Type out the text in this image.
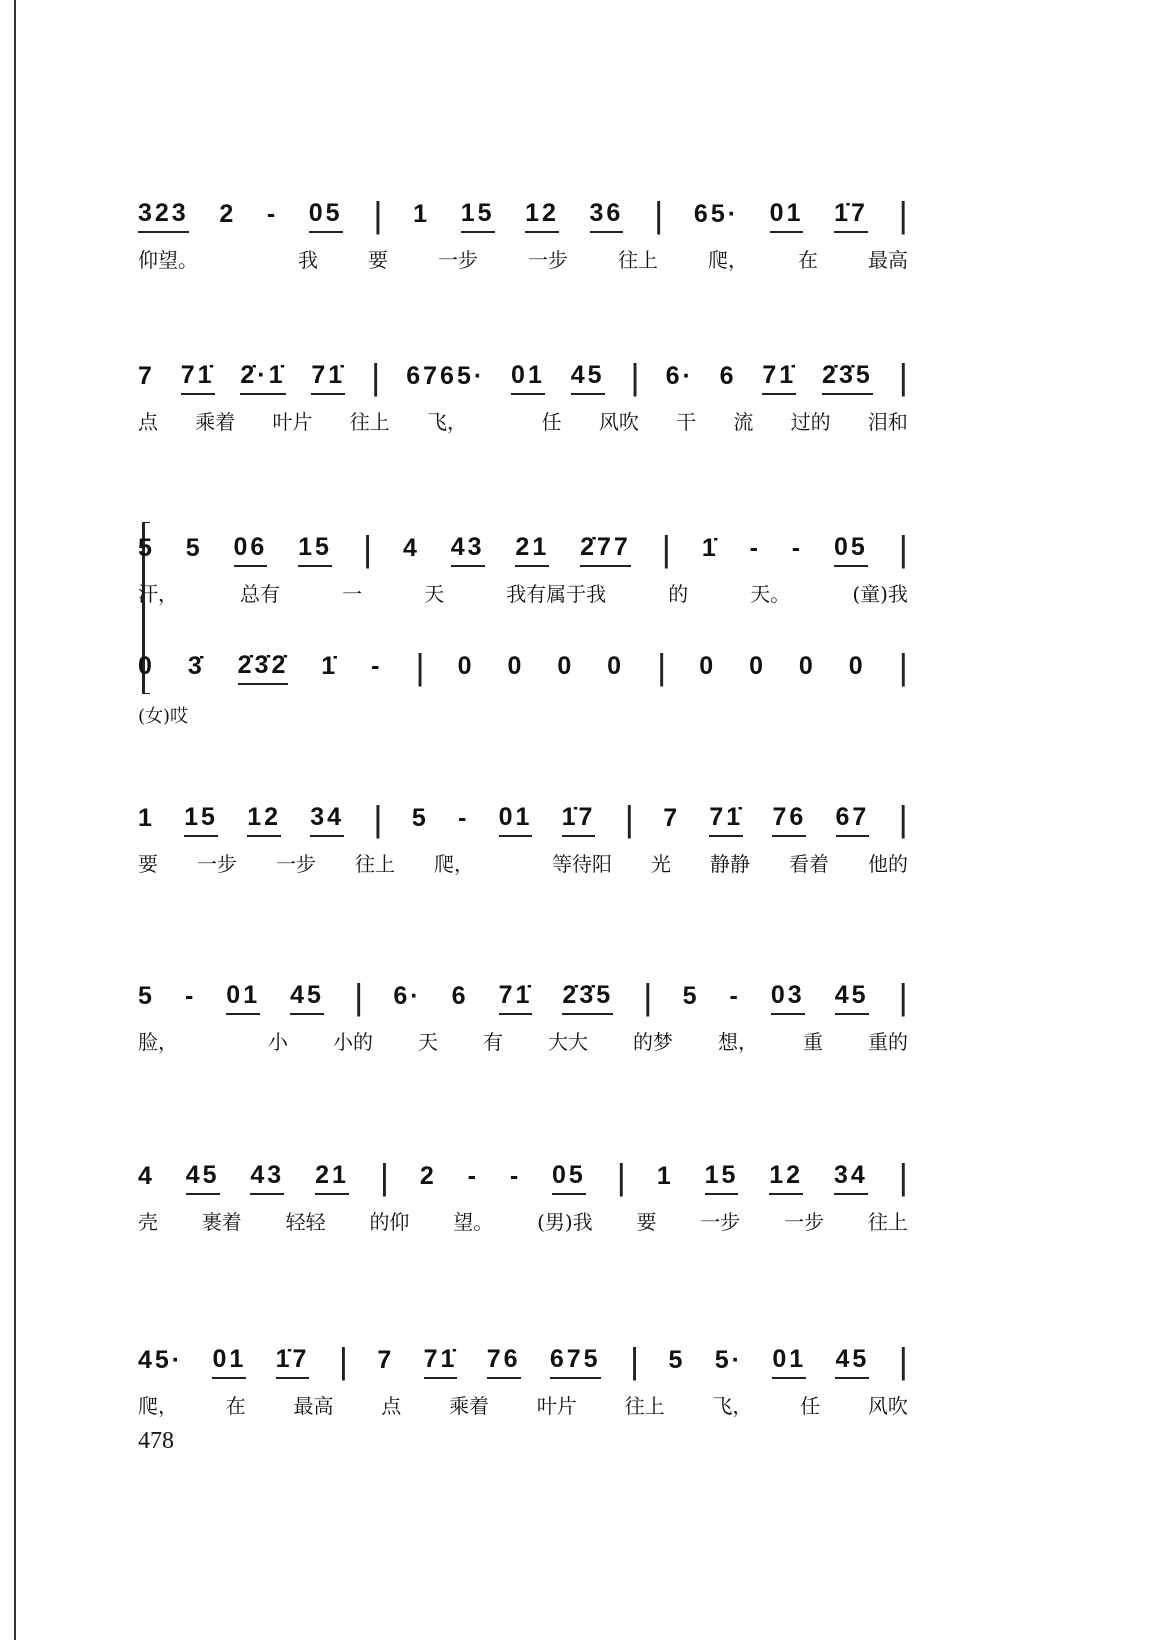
323 2 - 05 | 1 15 12 36 | 65· 01 1̇7 |
仰望。	我	要	一步	一步	往上	爬，	在	最高
7 71̇ 2̇·1̇ 71̇ | 6765· 01 45 | 6· 6 71̇ 2̇3̇5 |
点 乘着 叶片 往上 飞，	任 风吹 干 流 过的 泪和
5 5 06 15 | 4 43 21 2̇77 | 1̇ - - 05 |
汗，	总有	一	天	我有属于我	的	天。	(童)我
0 3̇ 2̇3̇2̇ 1̇ - | 0 0 0 0 | 0 0 0 0 |
1 15 12 34 | 5 - 01 1̇7 | 7 71̇ 76 67 |
要 一步 一步 往上 爬，	等待阳 光 静静 看着 他的
5 - 01 45 | 6· 6 71̇ 2̇3̇5 | 5 - 03 45 |
脸，	小 小的 天 有 大大 的梦 想， 重 重的
4 45 43 21 | 2 - - 05 | 1 15 12 34 |
壳 裹着 轻轻 的仰 望。 (男)我 要 一步 一步 往上
45· 01 1̇7 | 7 71̇ 76 675 | 5 5· 01 45 |
爬， 在 最高 点 乘着 叶片 往上 飞， 任 风吹
(女)哎
478
